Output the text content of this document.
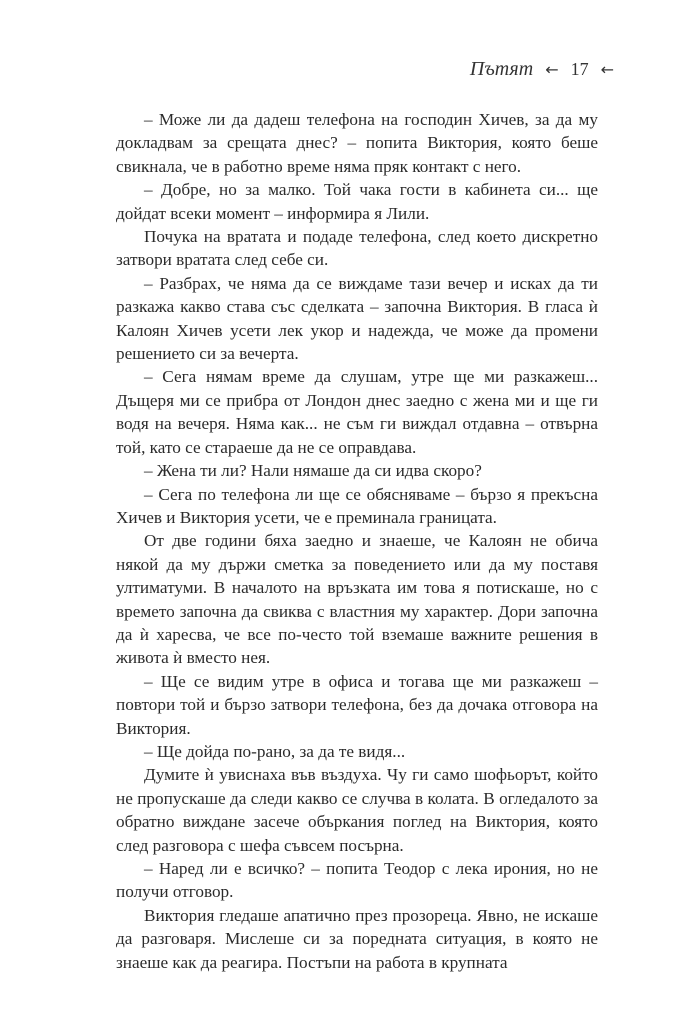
Пътят ← 17 ←

– Може ли да дадеш телефона на господин Хичев, за да му докладвам за срещата днес? – попита Виктория, която беше свикнала, че в работно време няма пряк контакт с него.

– Добре, но за малко. Той чака гости в кабинета си... ще дойдат всеки момент – информира я Лили.

Почука на вратата и подаде телефона, след което дискретно затвори вратата след себе си.

– Разбрах, че няма да се виждаме тази вечер и исках да ти разкажа какво става със сделката – започна Виктория. В гласа ѝ Калоян Хичев усети лек укор и надежда, че може да промени решението си за вечерта.

– Сега нямам време да слушам, утре ще ми разкажеш... Дъщеря ми се прибра от Лондон днес заедно с жена ми и ще ги водя на вечеря. Няма как... не съм ги виждал отдавна – отвърна той, като се стараеше да не се оправдава.

– Жена ти ли? Нали нямаше да си идва скоро?

– Сега по телефона ли ще се обясняваме – бързо я прекъсна Хичев и Виктория усети, че е преминала границата.

От две години бяха заедно и знаеше, че Калоян не обича някой да му държи сметка за поведението или да му поставя ултиматуми. В началото на връзката им това я потискаше, но с времето започна да свиква с властния му характер. Дори започна да ѝ харесва, че все по-често той вземаше важните решения в живота ѝ вместо нея.

– Ще се видим утре в офиса и тогава ще ми разкажеш – повтори той и бързо затвори телефона, без да дочака отговора на Виктория.

– Ще дойда по-рано, за да те видя...

Думите ѝ увиснаха във въздуха. Чу ги само шофьорът, който не пропускаше да следи какво се случва в колата. В огледалото за обратно виждане засече объркания поглед на Виктория, която след разговора с шефа съвсем посърна.

– Наред ли е всичко? – попита Теодор с лека ирония, но не получи отговор.

Виктория гледаше апатично през прозореца. Явно, не искаше да разговаря. Мислеше си за поредната ситуация, в която не знаеше как да реагира. Постъпи на работа в крупната
